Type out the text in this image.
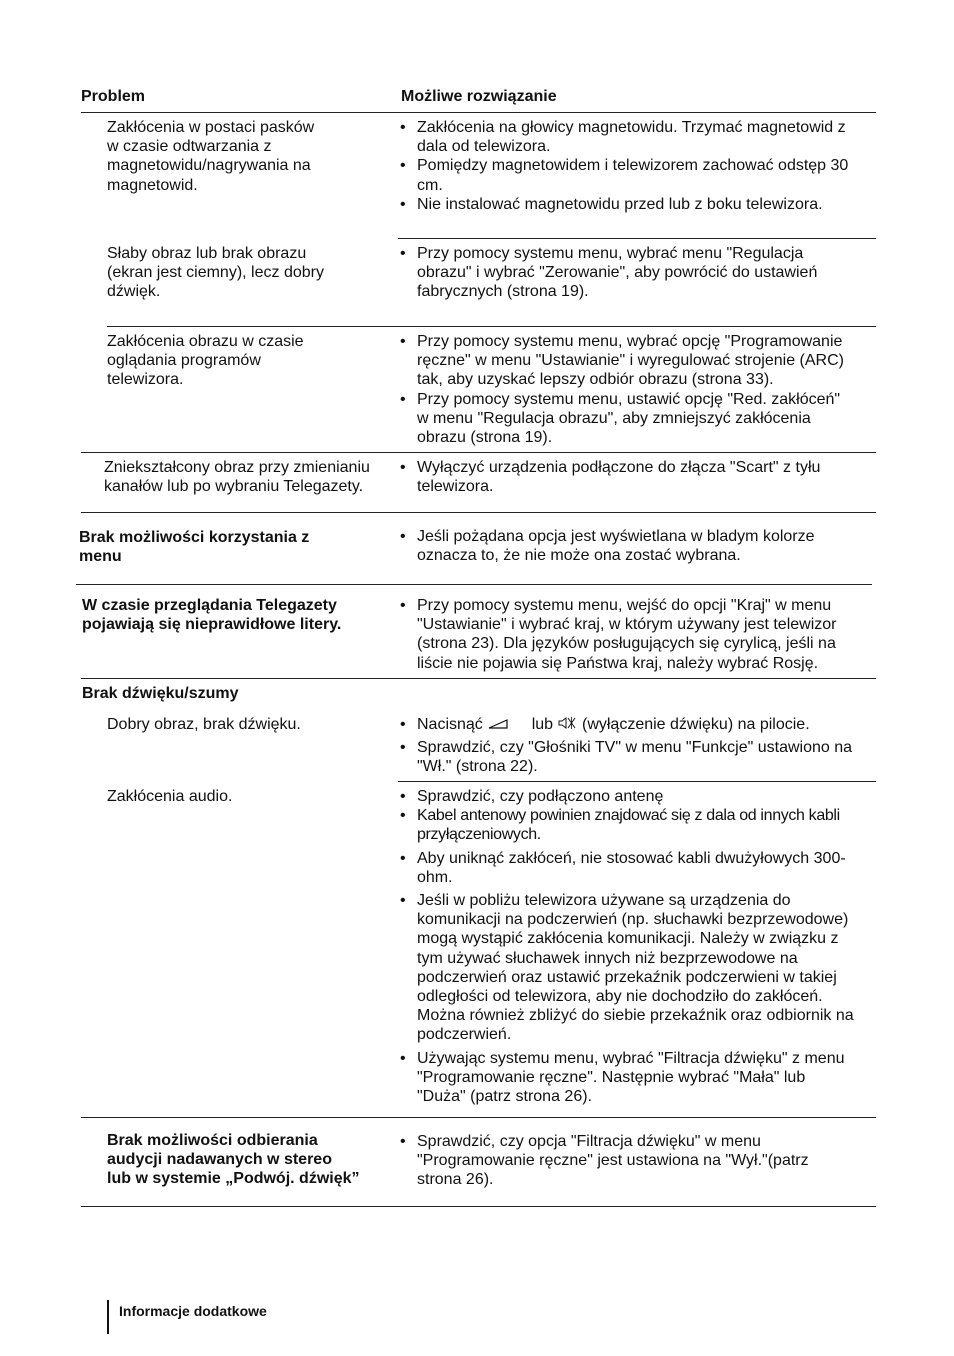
Problem	Możliwe rozwiązanie
Zakłócenia w postaci pasków
w czasie odtwarzania z
magnetowidu/nagrywania na
magnetowid.
• Zakłócenia na głowicy magnetowidu. Trzymać magnetowid z
dala od telewizora.
• Pomiędzy magnetowidem i telewizorem zachować odstęp 30
cm.
• Nie instalować magnetowidu przed lub z boku telewizora.
Słaby obraz lub brak obrazu
(ekran jest ciemny), lecz dobry
dźwięk.
• Przy pomocy systemu menu, wybrać menu "Regulacja
obrazu" i wybrać "Zerowanie", aby powrócić do ustawień
fabrycznych (strona 19).
Zakłócenia obrazu w czasie
oglądania programów
telewizora.
• Przy pomocy systemu menu, wybrać opcję "Programowanie
ręczne" w menu "Ustawianie" i wyregulować strojenie (ARC)
tak, aby uzyskać lepszy odbiór obrazu (strona 33).
• Przy pomocy systemu menu, ustawić opcję "Red. zakłóceń"
w menu "Regulacja obrazu", aby zmniejszyć zakłócenia
obrazu (strona 19).
Zniekształcony obraz przy zmienianiu
kanałów lub po wybraniu Telegazety.
• Wyłączyć urządzenia podłączone do złącza "Scart" z tyłu
telewizora.
Brak możliwości korzystania z
menu
• Jeśli pożądana opcja jest wyświetlana w bladym kolorze
oznacza to, że nie może ona zostać wybrana.
W czasie przeglądania Telegazety
pojawiają się nieprawidłowe litery.
• Przy pomocy systemu menu, wejść do opcji "Kraj" w menu
"Ustawianie" i wybrać kraj, w którym używany jest telewizor
(strona 23). Dla języków posługujących się cyrylicą, jeśli na
liście nie pojawia się Państwa kraj, należy wybrać Rosję.
Brak dźwięku/szumy
Dobry obraz, brak dźwięku.	• Nacisnąć	lub (wyłączenie dźwięku) na pilocie.
• Sprawdzić, czy "Głośniki TV" w menu "Funkcje" ustawiono na
"Wł." (strona 22).
Zakłócenia audio.	• Sprawdzić, czy podłączono antenę
• Kabel antenowy powinien znajdować się z dala od innych kabli
przyłączeniowych.
• Aby uniknąć zakłóceń, nie stosować kabli dwużyłowych 300-
ohm.
• Jeśli w pobliżu telewizora używane są urządzenia do
komunikacji na podczerwień (np. słuchawki bezprzewodowe)
mogą wystąpić zakłócenia komunikacji. Należy w związku z
tym używać słuchawek innych niż bezprzewodowe na
podczerwień oraz ustawić przekaźnik podczerwieni w takiej
odległości od telewizora, aby nie dochodziło do zakłóceń.
Można również zbliżyć do siebie przekaźnik oraz odbiornik na
podczerwień.
• Używając systemu menu, wybrać "Filtracja dźwięku" z menu
"Programowanie ręczne". Następnie wybrać "Mała" lub
"Duża" (patrz strona 26).
Brak możliwości odbierania
audycji nadawanych w stereo
lub w systemie „Podwój. dźwięk”
• Sprawdzić, czy opcja "Filtracja dźwięku" w menu
"Programowanie ręczne" jest ustawiona na "Wył."(patrz
strona 26).
Informacje dodatkowe
